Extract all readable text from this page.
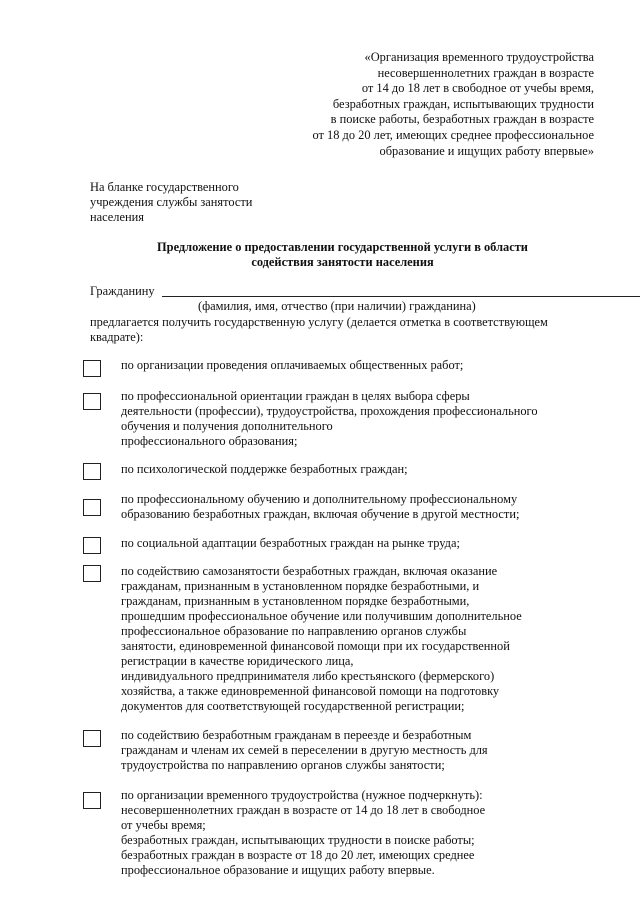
«Организация временного трудоустройства
несовершеннолетних граждан в возрасте
от 14 до 18 лет в свободное от учебы время,
безработных граждан, испытывающих трудности
в поиске работы, безработных граждан в возрасте
от 18 до 20 лет, имеющих среднее профессиональное
образование и ищущих работу впервые»
На бланке государственного
учреждения службы занятости
населения
Предложение о предоставлении государственной услуги в области
содействия занятости населения
Гражданину
(фамилия, имя, отчество (при наличии) гражданина)
предлагается получить государственную услугу (делается отметка в соответствующем
квадрате):
по организации проведения оплачиваемых общественных работ;
по профессиональной ориентации граждан в целях выбора сферы
деятельности (профессии), трудоустройства, прохождения профессионального
обучения и получения дополнительного
профессионального образования;
по психологической поддержке безработных граждан;
по профессиональному обучению и дополнительному профессиональному
образованию безработных граждан, включая обучение в другой местности;
по социальной адаптации безработных граждан на рынке труда;
по содействию самозанятости безработных граждан, включая оказание
гражданам, признанным в установленном порядке безработными, и
гражданам, признанным в установленном порядке безработными,
прошедшим профессиональное обучение или получившим дополнительное
профессиональное образование по направлению органов службы
занятости, единовременной финансовой помощи при их государственной
регистрации в качестве юридического лица,
индивидуального предпринимателя либо крестьянского (фермерского)
хозяйства, а также единовременной финансовой помощи на подготовку
документов для соответствующей государственной регистрации;
по содействию безработным гражданам в переезде и безработным
гражданам и членам их семей в переселении в другую местность для
трудоустройства по направлению органов службы занятости;
по организации временного трудоустройства (нужное подчеркнуть):
несовершеннолетних граждан в возрасте от 14 до 18 лет в свободное
от учебы время;
безработных граждан, испытывающих трудности в поиске работы;
безработных граждан в возрасте от 18 до 20 лет, имеющих среднее
профессиональное образование и ищущих работу впервые.
